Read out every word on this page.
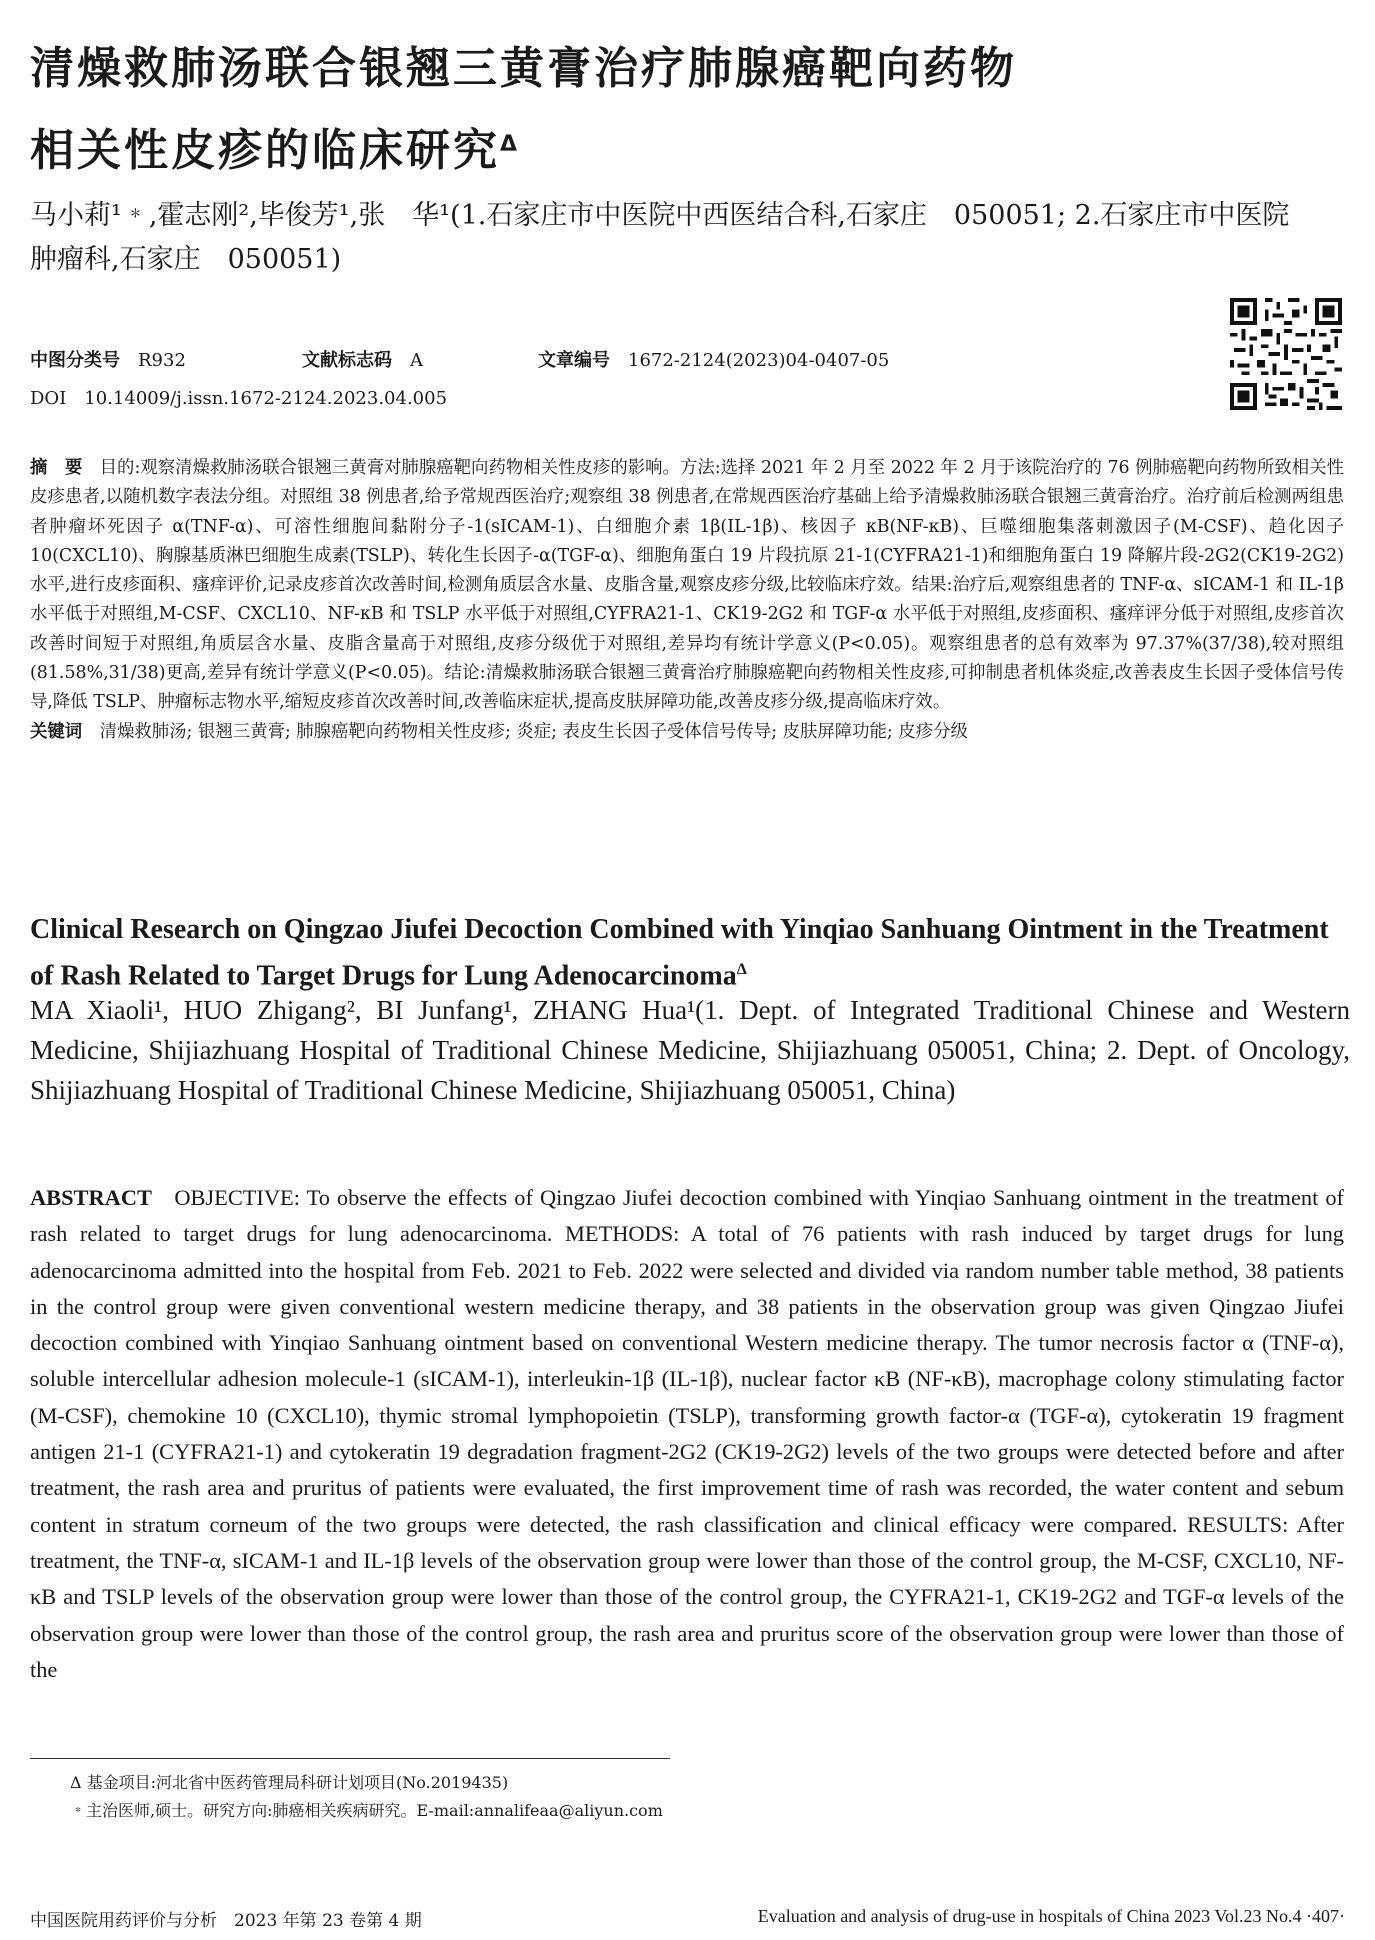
清燥救肺汤联合银翘三黄膏治疗肺腺癌靶向药物
相关性皮疹的临床研究$^\Delta$
马小莉¹﹡,霍志刚²,毕俊芳¹,张　华¹(1.石家庄市中医院中西医结合科,石家庄　050051; 2.石家庄市中医院
肿瘤科,石家庄　050051)
中图分类号  R932	文献标志码  A	文章编号  1672-2124(2023)04-0407-05
DOI　10.14009/j.issn.1672-2124.2023.04.005
摘　要  目的:观察清燥救肺汤联合银翘三黄膏对肺腺癌靶向药物相关性皮疹的影响。方法:选择 2021 年 2 月至 2022 年 2 月于该院治疗的 76 例肺癌靶向药物所致相关性皮疹患者,以随机数字表法分组。对照组 38 例患者,给予常规西医治疗;观察组 38 例患者,在常规西医治疗基础上给予清燥救肺汤联合银翘三黄膏治疗。治疗前后检测两组患者肿瘤坏死因子 α(TNF-α)、可溶性细胞间黏附分子-1(sICAM-1)、白细胞介素 1β(IL-1β)、核因子 κB(NF-κB)、巨噬细胞集落刺激因子(M-CSF)、趋化因子 10(CXCL10)、胸腺基质淋巴细胞生成素(TSLP)、转化生长因子-α(TGF-α)、细胞角蛋白 19 片段抗原 21-1(CYFRA21-1)和细胞角蛋白 19 降解片段-2G2(CK19-2G2)水平,进行皮疹面积、瘙痒评价,记录皮疹首次改善时间,检测角质层含水量、皮脂含量,观察皮疹分级,比较临床疗效。结果:治疗后,观察组患者的 TNF-α、sICAM-1 和 IL-1β 水平低于对照组,M-CSF、CXCL10、NF-κB 和 TSLP 水平低于对照组,CYFRA21-1、CK19-2G2 和 TGF-α 水平低于对照组,皮疹面积、瘙痒评分低于对照组,皮疹首次改善时间短于对照组,角质层含水量、皮脂含量高于对照组,皮疹分级优于对照组,差异均有统计学意义(P<0.05)。观察组患者的总有效率为 97.37%(37/38),较对照组(81.58%,31/38)更高,差异有统计学意义(P<0.05)。结论:清燥救肺汤联合银翘三黄膏治疗肺腺癌靶向药物相关性皮疹,可抑制患者机体炎症,改善表皮生长因子受体信号传导,降低 TSLP、肿瘤标志物水平,缩短皮疹首次改善时间,改善临床症状,提高皮肤屏障功能,改善皮疹分级,提高临床疗效。
关键词  清燥救肺汤; 银翘三黄膏; 肺腺癌靶向药物相关性皮疹; 炎症; 表皮生长因子受体信号传导; 皮肤屏障功能; 皮疹分级
Clinical Research on Qingzao Jiufei Decoction Combined with Yinqiao Sanhuang Ointment in the Treatment of Rash Related to Target Drugs for Lung Adenocarcinoma$^\Delta$
MA Xiaoli¹, HUO Zhigang², BI Junfang¹, ZHANG Hua¹(1. Dept. of Integrated Traditional Chinese and Western Medicine, Shijiazhuang Hospital of Traditional Chinese Medicine, Shijiazhuang 050051, China; 2. Dept. of Oncology, Shijiazhuang Hospital of Traditional Chinese Medicine, Shijiazhuang 050051, China)
ABSTRACT  OBJECTIVE: To observe the effects of Qingzao Jiufei decoction combined with Yinqiao Sanhuang ointment in the treatment of rash related to target drugs for lung adenocarcinoma. METHODS: A total of 76 patients with rash induced by target drugs for lung adenocarcinoma admitted into the hospital from Feb. 2021 to Feb. 2022 were selected and divided via random number table method, 38 patients in the control group were given conventional western medicine therapy, and 38 patients in the observation group was given Qingzao Jiufei decoction combined with Yinqiao Sanhuang ointment based on conventional Western medicine therapy. The tumor necrosis factor α (TNF-α), soluble intercellular adhesion molecule-1 (sICAM-1), interleukin-1β (IL-1β), nuclear factor κB (NF-κB), macrophage colony stimulating factor (M-CSF), chemokine 10 (CXCL10), thymic stromal lymphopoietin (TSLP), transforming growth factor-α (TGF-α), cytokeratin 19 fragment antigen 21-1 (CYFRA21-1) and cytokeratin 19 degradation fragment-2G2 (CK19-2G2) levels of the two groups were detected before and after treatment, the rash area and pruritus of patients were evaluated, the first improvement time of rash was recorded, the water content and sebum content in stratum corneum of the two groups were detected, the rash classification and clinical efficacy were compared. RESULTS: After treatment, the TNF-α, sICAM-1 and IL-1β levels of the observation group were lower than those of the control group, the M-CSF, CXCL10, NF-κB and TSLP levels of the observation group were lower than those of the control group, the CYFRA21-1, CK19-2G2 and TGF-α levels of the observation group were lower than those of the control group, the rash area and pruritus score of the observation group were lower than those of the
Δ 基金项目:河北省中医药管理局科研计划项目(No.2019435)
﹡主治医师,硕士。研究方向:肺癌相关疾病研究。E-mail:annalifeaa@aliyun.com
中国医院用药评价与分析　2023 年第 23 卷第 4 期	Evaluation and analysis of drug-use in hospitals of China 2023 Vol.23 No.4 ·407·
